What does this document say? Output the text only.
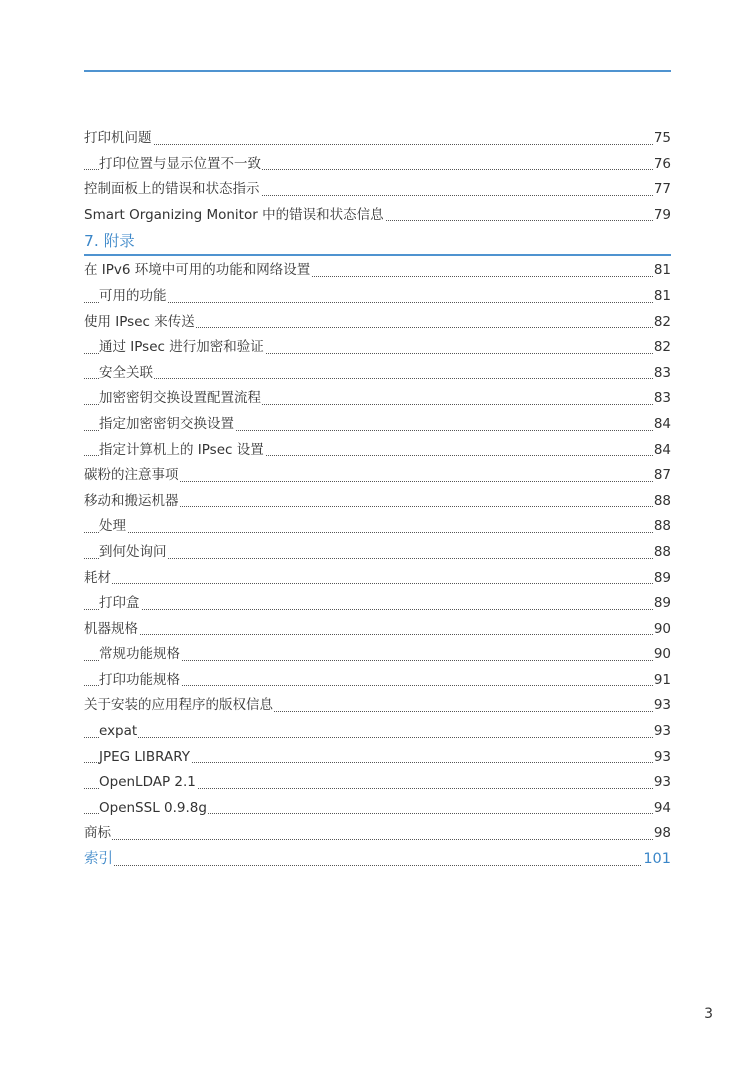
打印机问题	75
打印位置与显示位置不一致	76
控制面板上的错误和状态指示	77
Smart Organizing Monitor 中的错误和状态信息	79
7. 附录
在 IPv6 环境中可用的功能和网络设置	81
可用的功能	81
使用 IPsec 来传送	82
通过 IPsec 进行加密和验证	82
安全关联	83
加密密钥交换设置配置流程	83
指定加密密钥交换设置	84
指定计算机上的 IPsec 设置	84
碳粉的注意事项	87
移动和搬运机器	88
处理	88
到何处询问	88
耗材	89
打印盒	89
机器规格	90
常规功能规格	90
打印功能规格	91
关于安装的应用程序的版权信息	93
expat	93
JPEG LIBRARY	93
OpenLDAP 2.1	93
OpenSSL 0.9.8g	94
商标	98
索引	101
3
